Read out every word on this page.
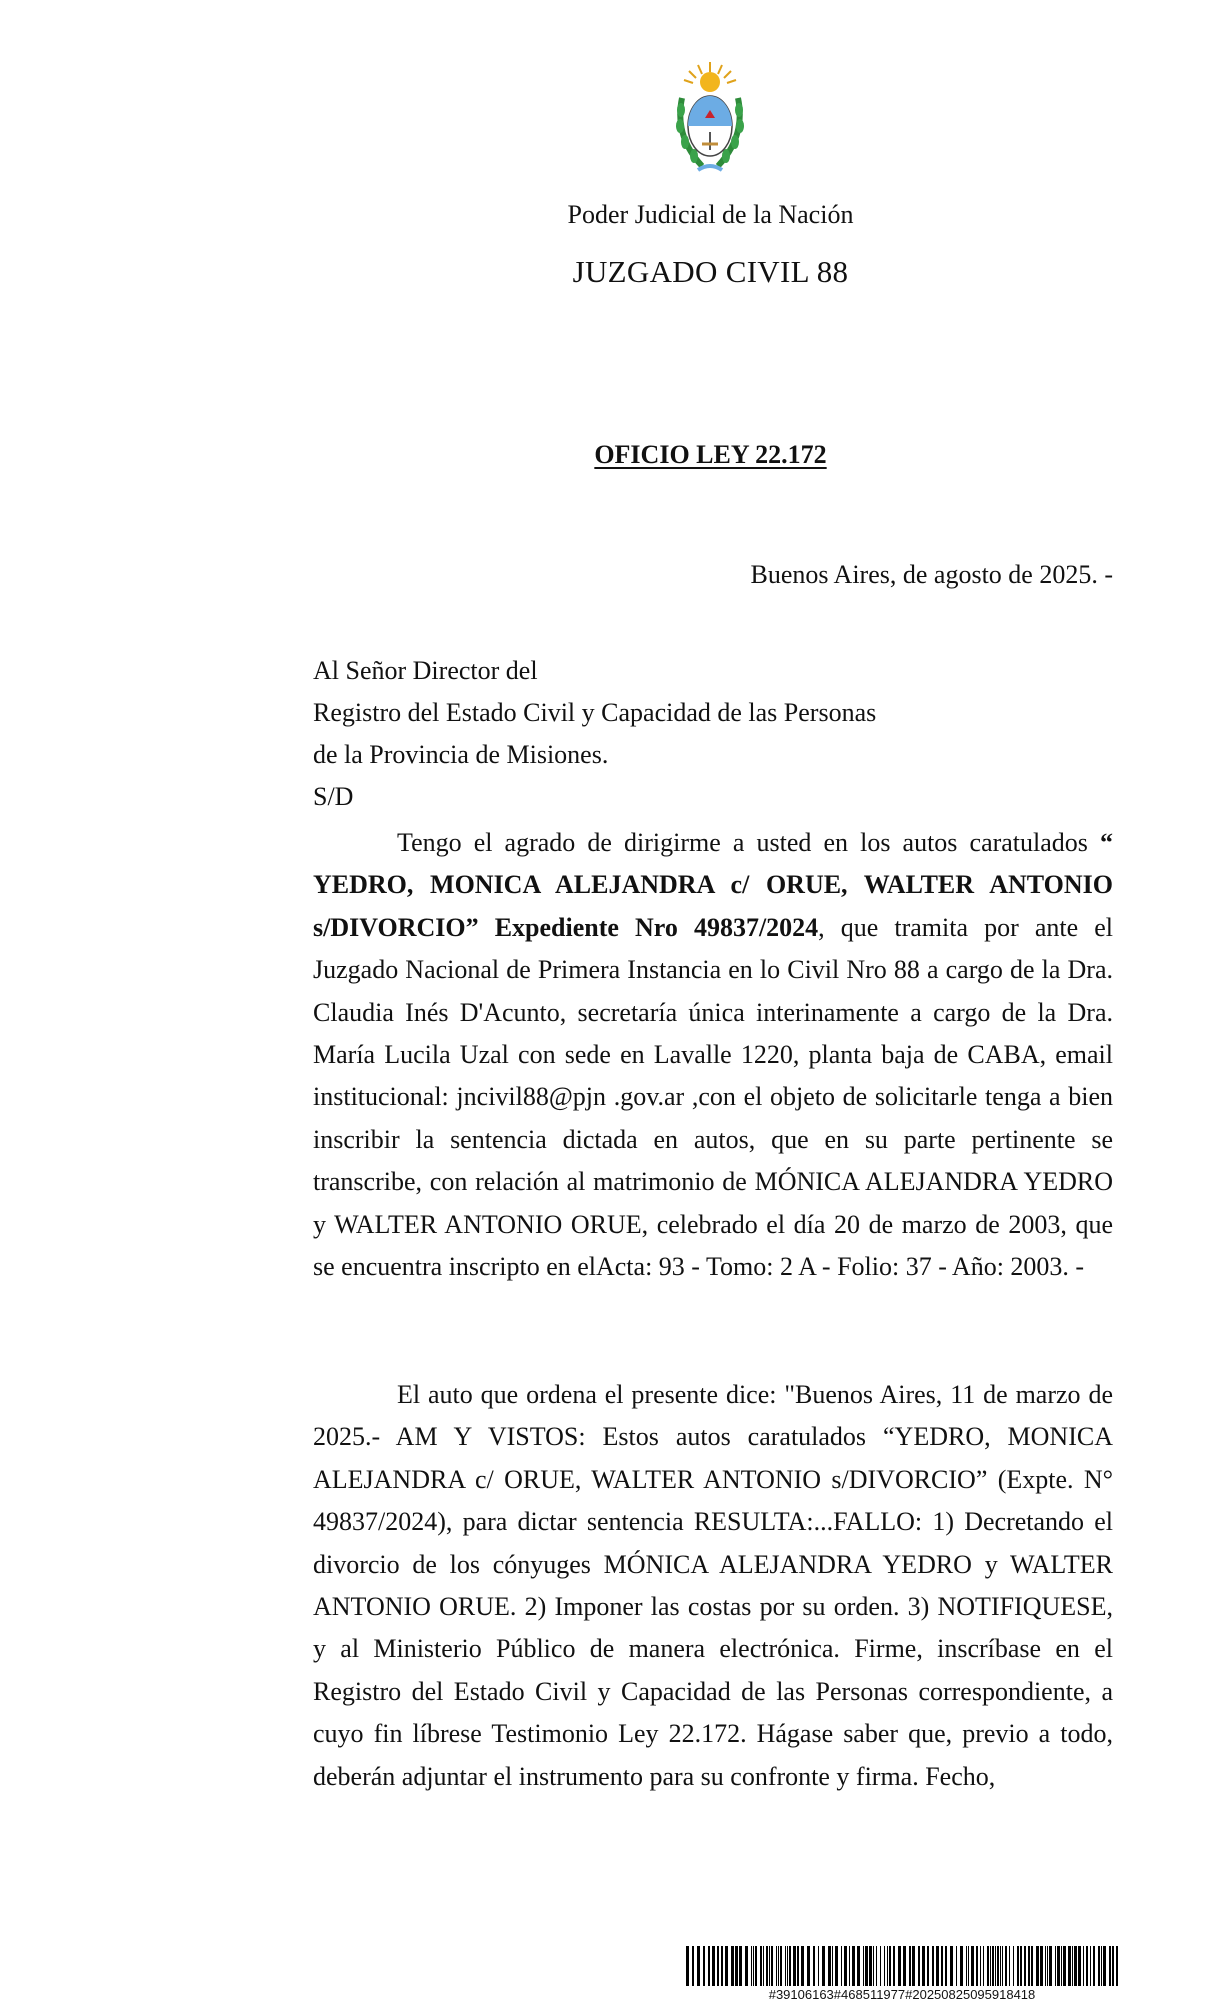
Poder Judicial de la Nación
JUZGADO CIVIL 88
OFICIO LEY 22.172
Buenos Aires, de agosto de 2025. -
Al Señor Director del
Registro del Estado Civil y Capacidad de las Personas
de la Provincia de Misiones.
S/D
Tengo el agrado de dirigirme a usted en los autos caratulados “ YEDRO, MONICA ALEJANDRA c/ ORUE, WALTER ANTONIO s/DIVORCIO” Expediente Nro 49837/2024, que tramita por ante el Juzgado Nacional de Primera Instancia en lo Civil Nro 88 a cargo de la Dra. Claudia Inés D'Acunto, secretaría única interinamente a cargo de la Dra. María Lucila Uzal con sede en Lavalle 1220, planta baja de CABA, email institucional: jncivil88@pjn .gov.ar ,con el objeto de solicitarle tenga a bien inscribir la sentencia dictada en autos, que en su parte pertinente se transcribe, con relación al matrimonio de MÓNICA ALEJANDRA YEDRO y WALTER ANTONIO ORUE, celebrado el día 20 de marzo de 2003, que se encuentra inscripto en elActa: 93 - Tomo: 2 A - Folio: 37 - Año: 2003. -
El auto que ordena el presente dice: "Buenos Aires, 11 de marzo de 2025.- AM Y VISTOS: Estos autos caratulados “YEDRO, MONICA ALEJANDRA c/ ORUE, WALTER ANTONIO s/DIVORCIO” (Expte. N° 49837/2024), para dictar sentencia RESULTA:...FALLO: 1) Decretando el divorcio de los cónyuges MÓNICA ALEJANDRA YEDRO y WALTER ANTONIO ORUE. 2) Imponer las costas por su orden. 3) NOTIFIQUESE, y al Ministerio Público de manera electrónica. Firme, inscríbase en el Registro del Estado Civil y Capacidad de las Personas correspondiente, a cuyo fin líbrese Testimonio Ley 22.172. Hágase saber que, previo a todo, deberán adjuntar el instrumento para su confronte y firma. Fecho,
#39106163#468511977#20250825095918418
